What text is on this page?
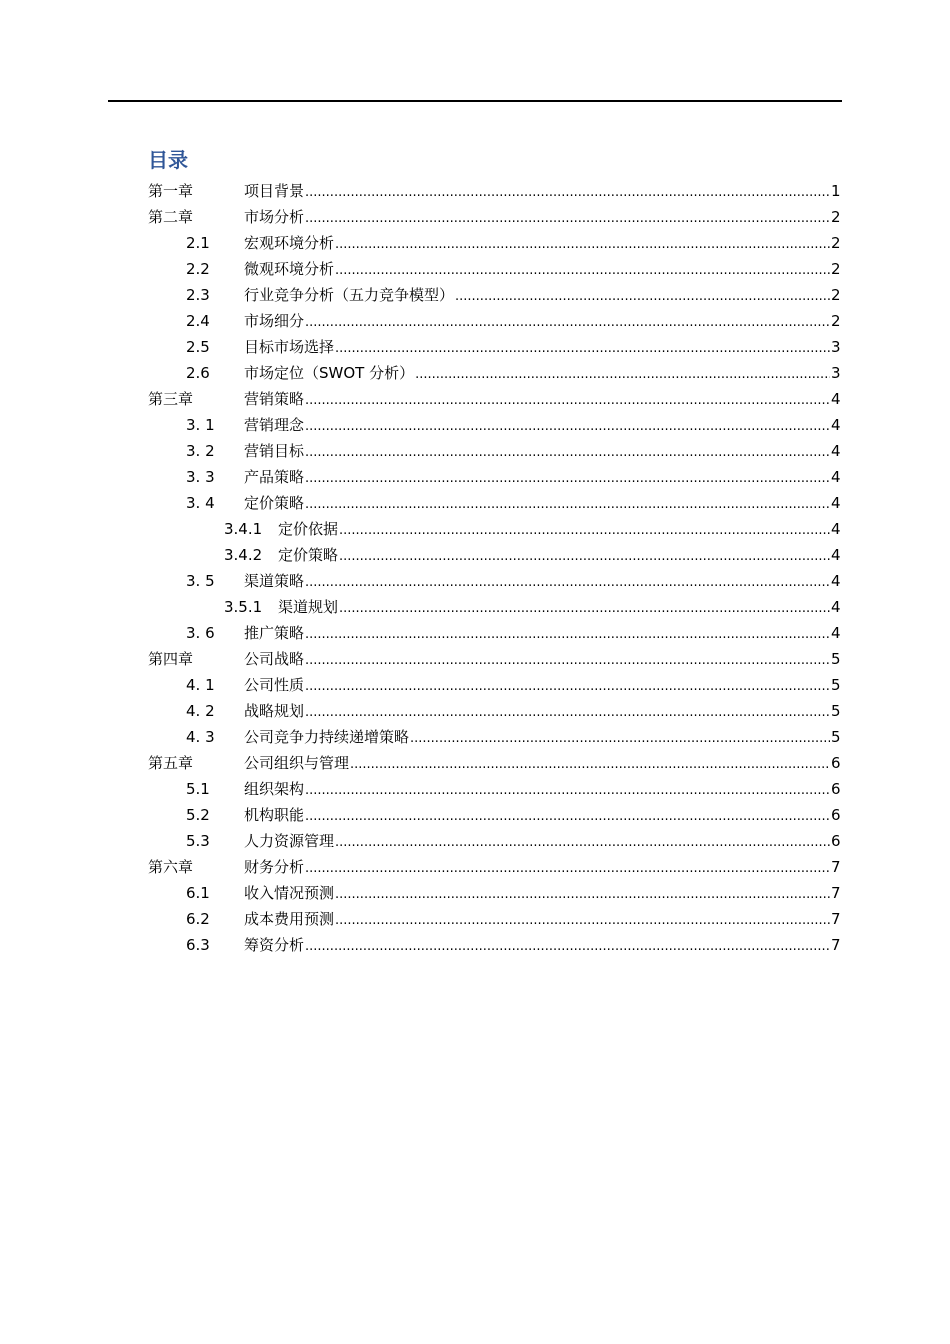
目录
第一章	项目背景 .....	1
第二章	市场分析 .....	2
2.1 宏观环境分析 .....	2
2.2 微观环境分析 .....	2
2.3 行业竞争分析（五力竞争模型） .....	2
2.4 市场细分 .....	2
2.5 目标市场选择 .....	3
2.6 市场定位（SWOT 分析） .....	3
第三章	营销策略 .....	4
3. 1 营销理念 .....	4
3. 2 营销目标 .....	4
3. 3 产品策略 .....	4
3. 4 定价策略 .....	4
3.4.1 定价依据 .....	4
3.4.2 定价策略 .....	4
3. 5 渠道策略 .....	4
3.5.1 渠道规划 .....	4
3. 6 推广策略 .....	4
第四章	公司战略 .....	5
4. 1 公司性质 .....	5
4. 2 战略规划 .....	5
4. 3 公司竞争力持续递增策略 .....	5
第五章	公司组织与管理 .....	6
5.1 组织架构 .....	6
5.2 机构职能 .....	6
5.3 人力资源管理 .....	6
第六章	财务分析 .....	7
6.1 收入情况预测 .....	7
6.2 成本费用预测 .....	7
6.3 筹资分析 .....	7
